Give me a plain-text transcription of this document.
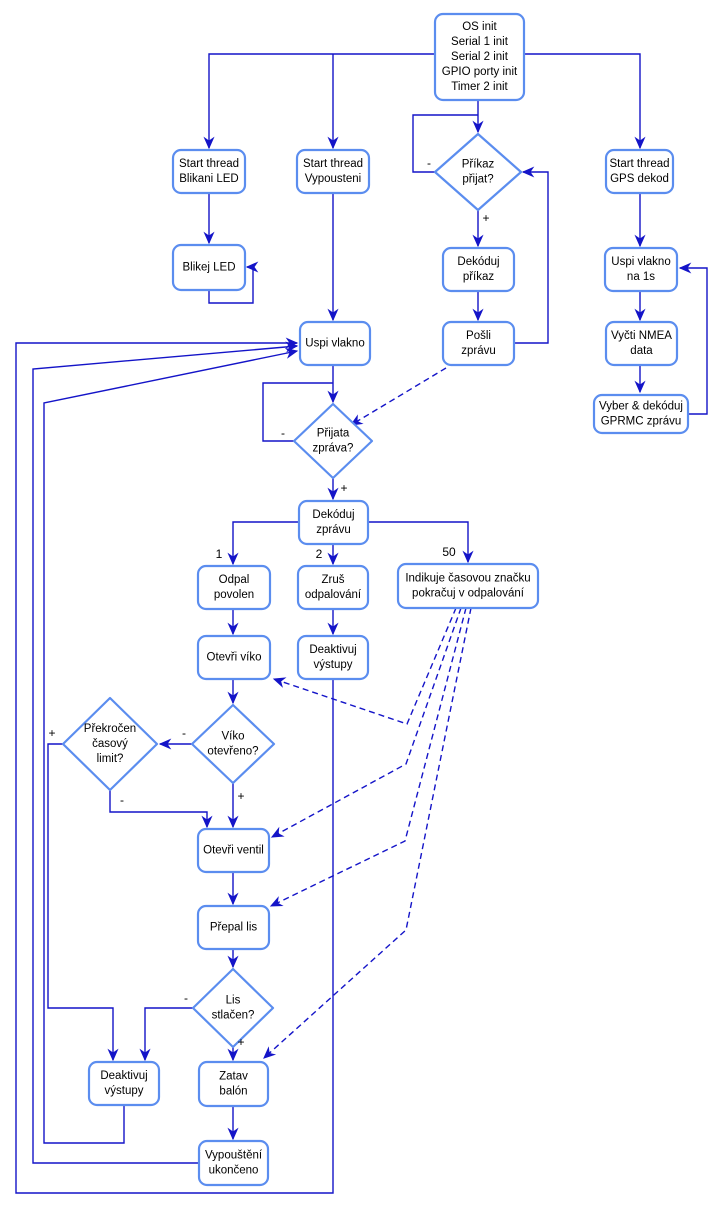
OS init Serial 1 init Serial 2 init GPIO porty init Timer 2 init
Start thread Blikani LED
Start thread Vypousteni
Start thread GPS dekod
Příkaz přijat?
Blikej LED	Dekóduj příkaz
Uspi vlakno na 1s
Pošli zprávu
Uspi vlakno
Vyčti NMEA data
Vyber & dekóduj GPRMC zprávu
Přijata zpráva?
Dekóduj zprávu
Odpal povolen
Zruš odpalování
Indikuje časovou značku pokračuj v odpalování
Otevři víko
Deaktivuj výstupy
Víko otevřeno?
Překročen časový limit?
Otevři ventil
Přepal lis
Lis stlačen?
Deaktivuj výstupy
Zatav balón
Vypouštění ukončeno
-
+
-
+
1	2	50
-
+
-	+
-
+
